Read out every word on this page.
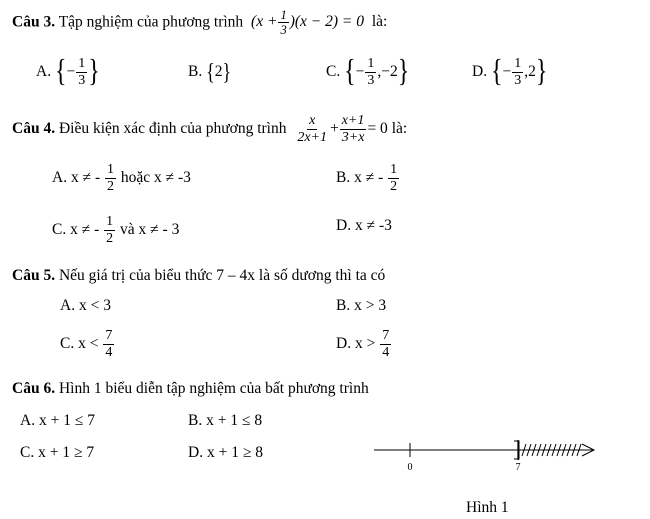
Câu 3. Tập nghiệm của phương trình $(x + \frac{1}{3} )(x - 2) = 0$ là:
A. {− $\frac{1}{3}$ }	B. {2}	C. {− $\frac{1}{3} ,-2$}	D. {− $\frac{1}{3} ,2$}
Câu 4. Điều kiện xác định của phương trình $\frac{x}{2x+1} + \frac{x+1}{3+x} = 0$ là:
A. x ≠ - $\frac{1}{2}$ hoặc x ≠ -3	B. x ≠ - $\frac{1}{2}$
C. x ≠ - $\frac{1}{2}$ và x ≠ - 3	D. x ≠ -3
Câu 5. Nếu giá trị của biểu thức 7 – 4x là số dương thì ta có
A. x < 3	B. x > 3
C. $x < \frac{7}{4}$	D. $x > \frac{7}{4}$
Câu 6. Hình 1 biểu diễn tập nghiệm của bất phương trình
A. x + 1 ≤ 7	B. x + 1 ≤ 8
C. x + 1 ≥ 7	D. x + 1 ≥ 8
0	7
Hình 1
